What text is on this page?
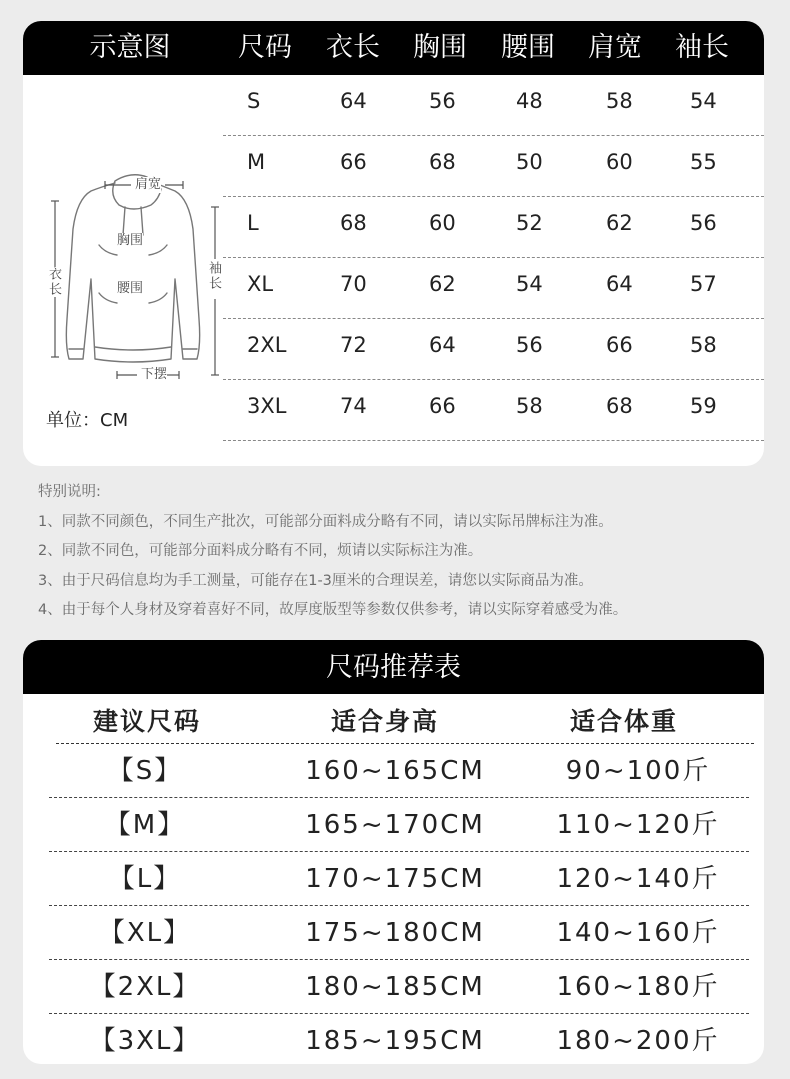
示意图	尺码 衣长 胸围 腰围 肩宽 袖长
肩宽
胸围
腰围
衣长	袖长
下摆
单位：CM
S	64	56	48	58	54
M	66	68	50	60	55
L	68	60	52	62	56
XL	70	62	54	64	57
2XL	72	64	56	66	58
3XL	74	66	58	68	59
特别说明:
1、同款不同颜色，不同生产批次，可能部分面料成分略有不同，请以实际吊牌标注为准。
2、同款不同色，可能部分面料成分略有不同，烦请以实际标注为准。
3、由于尺码信息均为手工测量，可能存在1-3厘米的合理误差，请您以实际商品为准。
4、由于每个人身材及穿着喜好不同，故厚度版型等参数仅供参考，请以实际穿着感受为准。
尺码推荐表
建议尺码	适合身高	适合体重
【S】	160~165CM	90~100斤
【M】	165~170CM	110~120斤
【L】	170~175CM	120~140斤
【XL】	175~180CM	140~160斤
【2XL】	180~185CM	160~180斤
【3XL】	185~195CM	180~200斤
